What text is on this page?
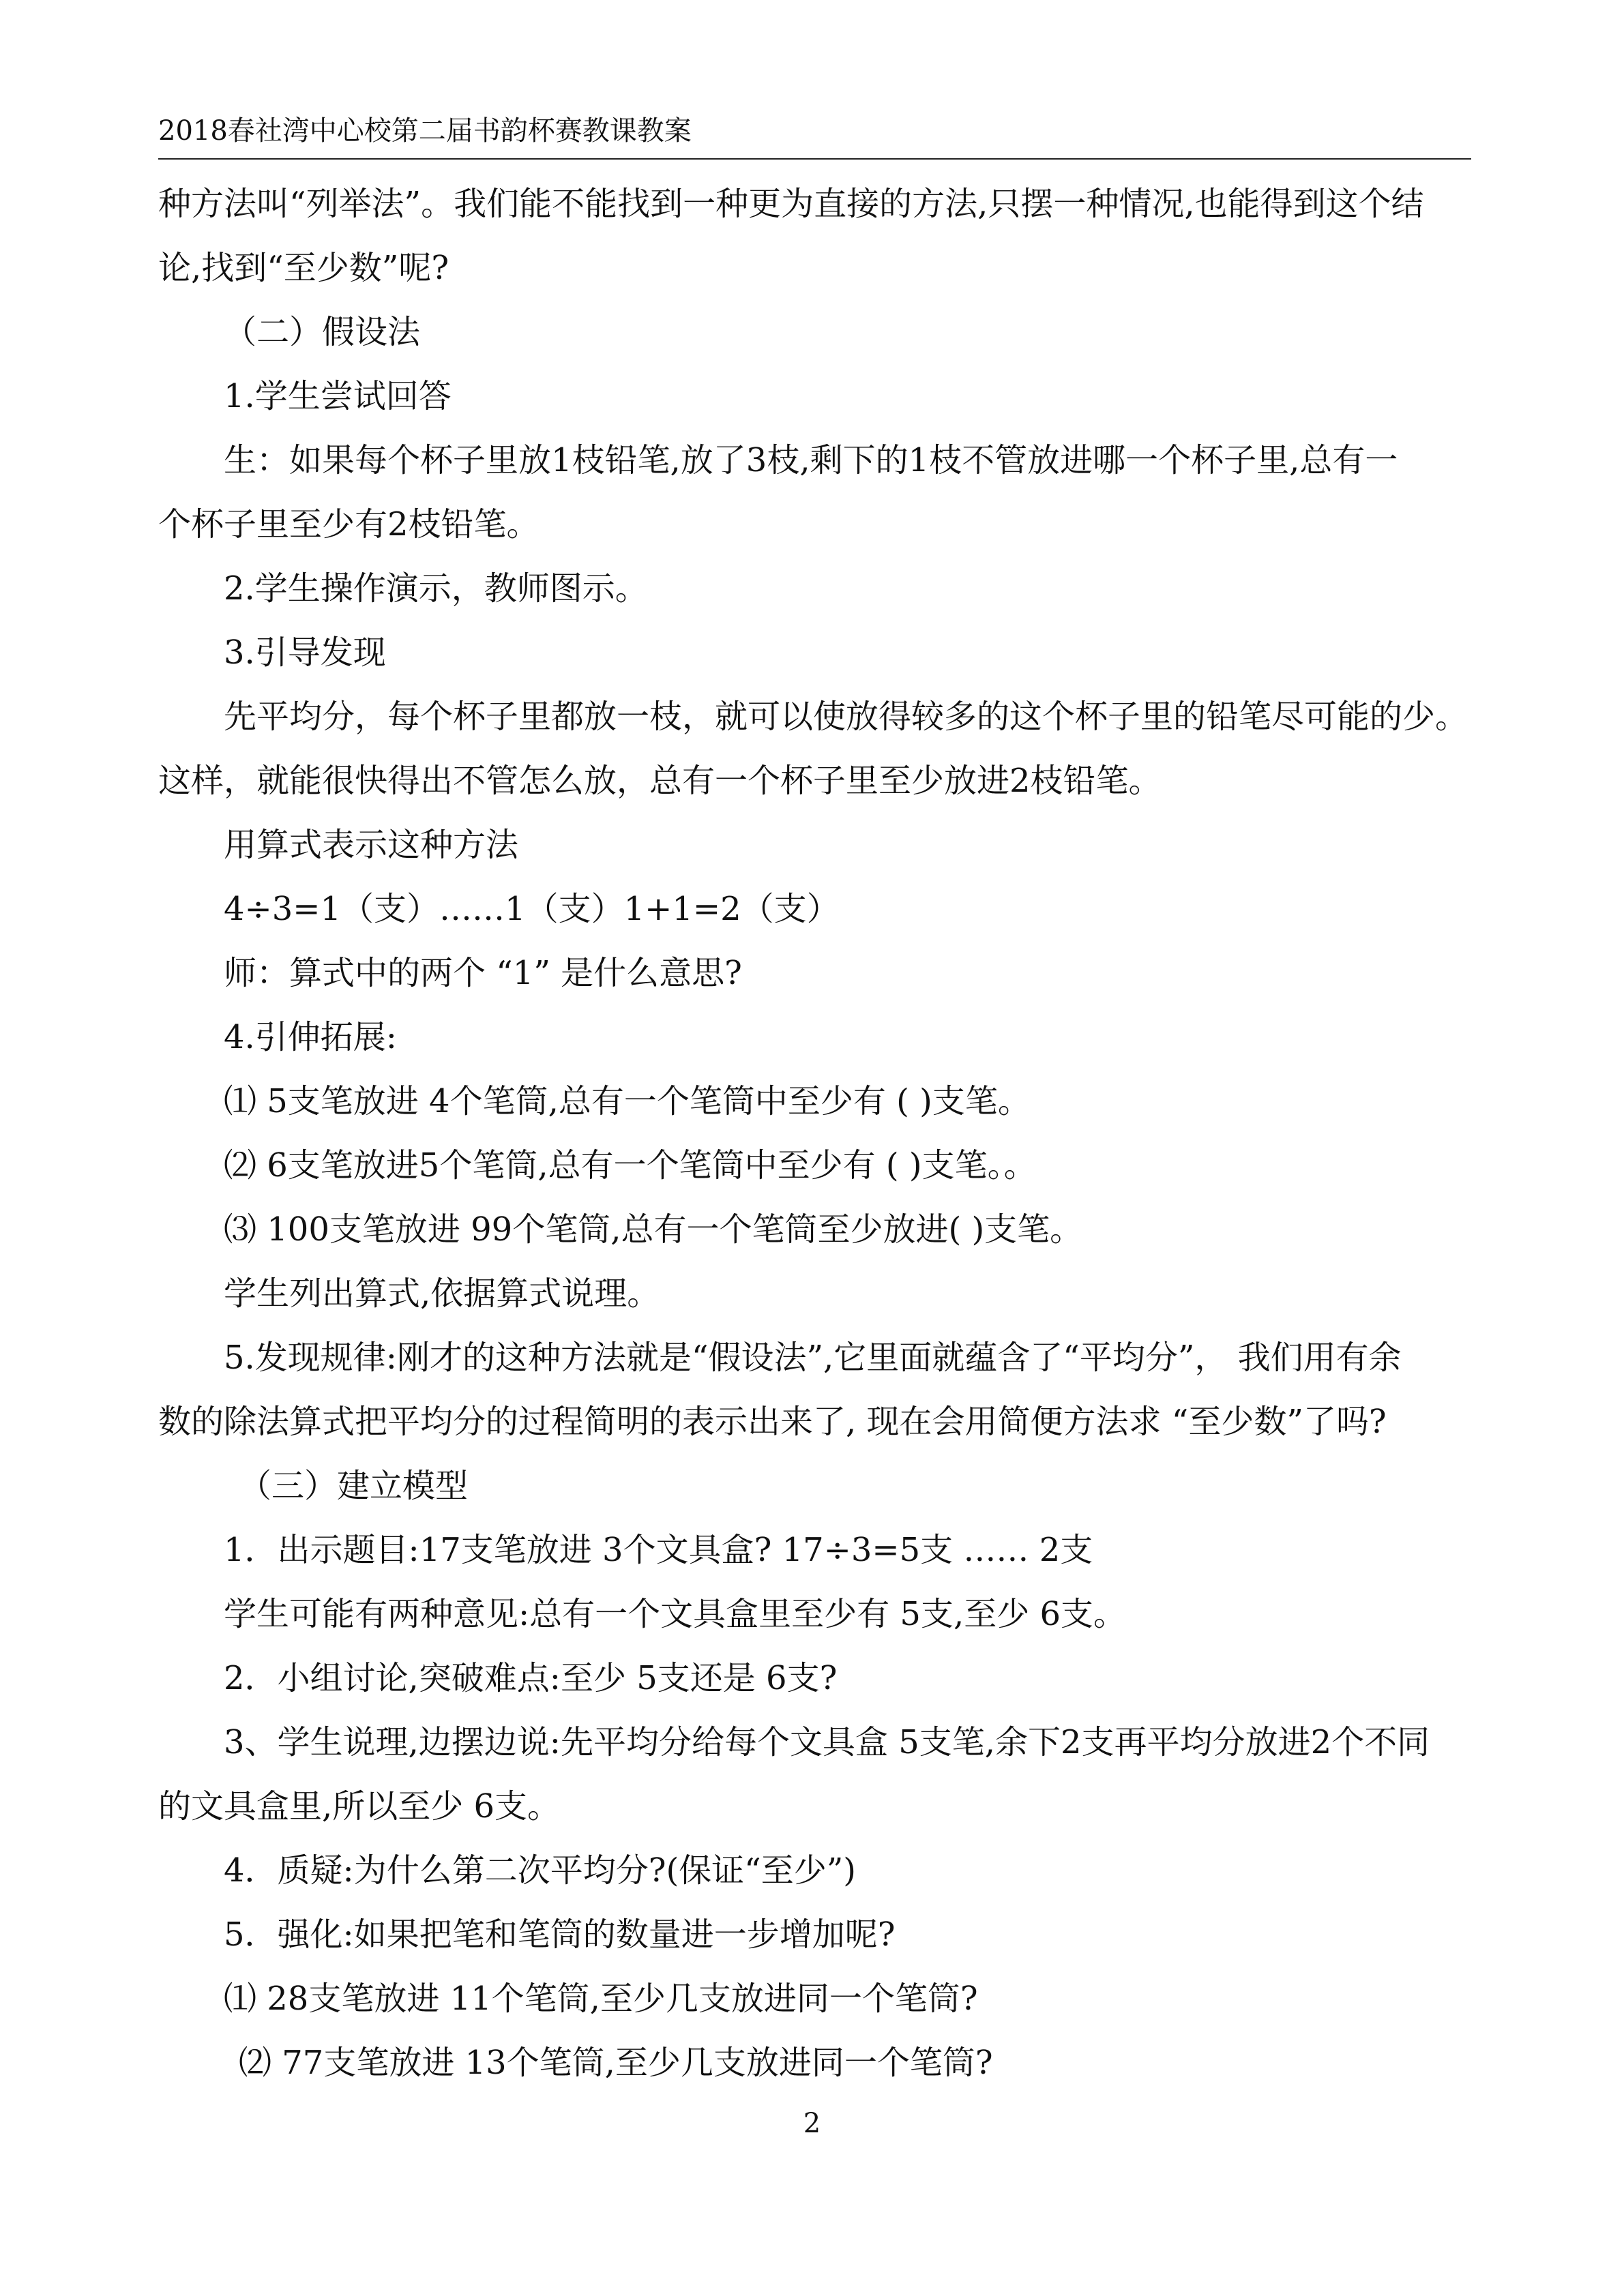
2018春社湾中心校第二届书韵杯赛教课教案
种方法叫“列举法”。我们能不能找到一种更为直接的方法,只摆一种情况,也能得到这个结
论,找到“至少数”呢?
（二）假设法
1.学生尝试回答
生：如果每个杯子里放1枝铅笔,放了3枝,剩下的1枝不管放进哪一个杯子里,总有一
个杯子里至少有2枝铅笔。
2.学生操作演示，教师图示。
3.引导发现
先平均分，每个杯子里都放一枝，就可以使放得较多的这个杯子里的铅笔尽可能的少。
这样，就能很快得出不管怎么放，总有一个杯子里至少放进2枝铅笔。
用算式表示这种方法
4÷3=1（支）……1（支）1+1=2（支）
师：算式中的两个 “1” 是什么意思?
4.引伸拓展:
⑴ 5支笔放进 4个笔筒,总有一个笔筒中至少有 ( )支笔。
⑵ 6支笔放进5个笔筒,总有一个笔筒中至少有 ( )支笔。。
⑶ 100支笔放进 99个笔筒,总有一个笔筒至少放进( )支笔。
学生列出算式,依据算式说理。
5.发现规律:刚才的这种方法就是“假设法”,它里面就蕴含了“平均分”， 我们用有余
数的除法算式把平均分的过程简明的表示出来了, 现在会用简便方法求 “至少数”了吗?
（三）建立模型
1．出示题目:17支笔放进 3个文具盒? 17÷3=5支 …… 2支
学生可能有两种意见:总有一个文具盒里至少有 5支,至少 6支。
2．小组讨论,突破难点:至少 5支还是 6支?
3、学生说理,边摆边说:先平均分给每个文具盒 5支笔,余下2支再平均分放进2个不同
的文具盒里,所以至少 6支。
4．质疑:为什么第二次平均分?(保证“至少”)
5．强化:如果把笔和笔筒的数量进一步增加呢?
⑴ 28支笔放进 11个笔筒,至少几支放进同一个笔筒?
⑵ 77支笔放进 13个笔筒,至少几支放进同一个笔筒?
2
